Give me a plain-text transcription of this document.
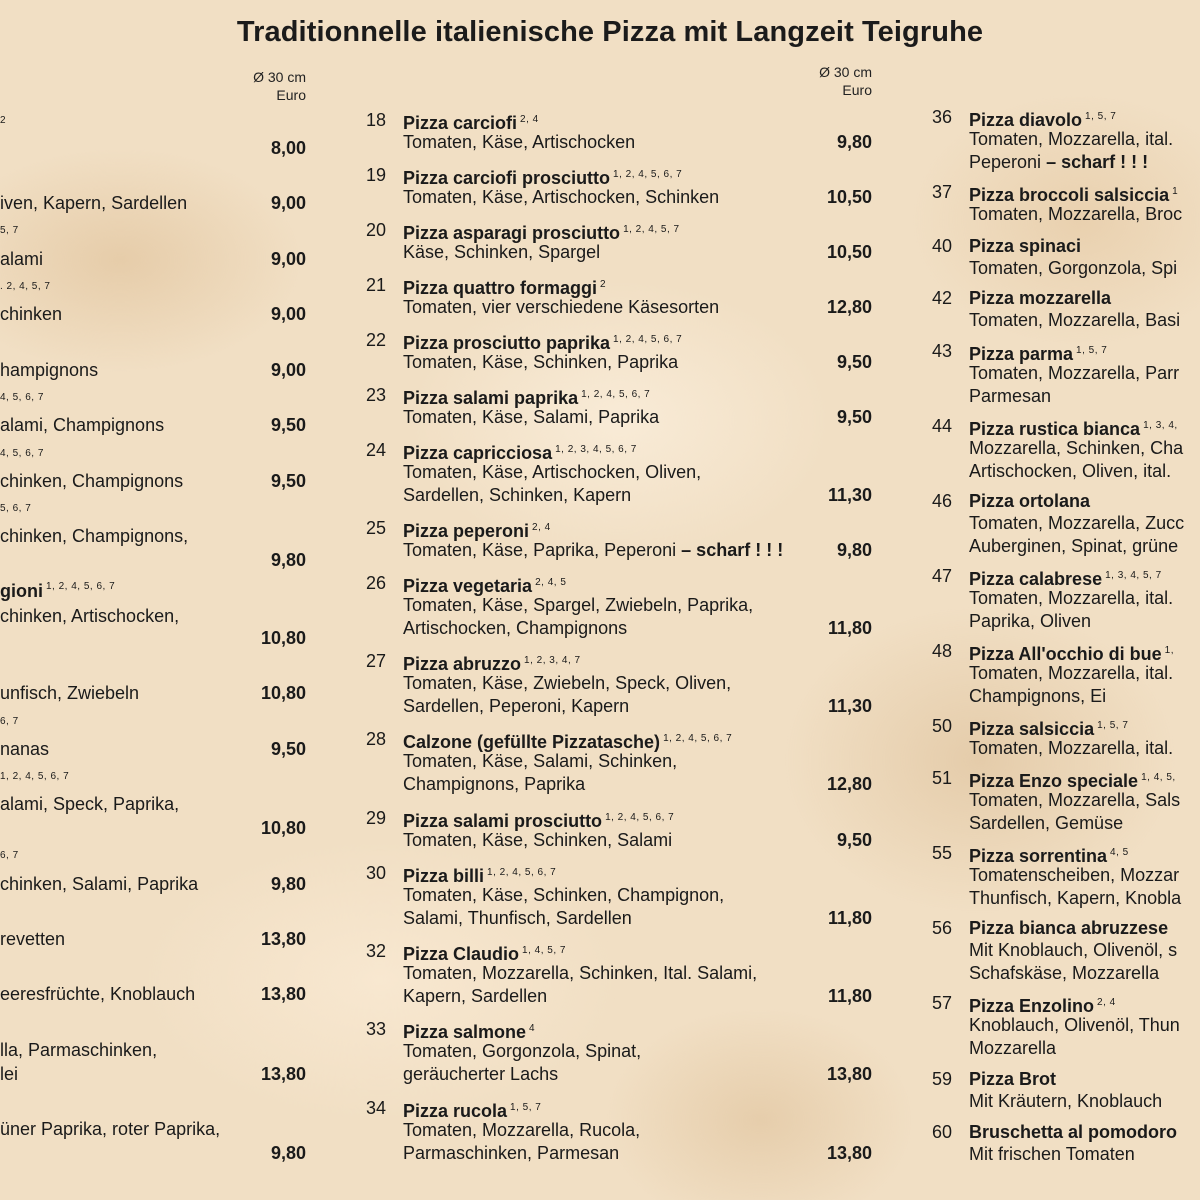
Traditionnelle italienische Pizza mit Langzeit Teigruhe
Ø 30 cm
Euro
Ø 30 cm
Euro
2
8,00
iven, Kapern, Sardellen	9,00
5, 7
alami	9,00
. 2, 4, 5, 7
chinken	9,00
hampignons	9,00
4, 5, 6, 7
alami, Champignons	9,50
4, 5, 6, 7
chinken, Champignons	9,50
5, 6, 7
chinken, Champignons,
9,80
gioni 1, 2, 4, 5, 6, 7
chinken, Artischocken,
10,80
unfisch, Zwiebeln	10,80
6, 7
nanas	9,50
1, 2, 4, 5, 6, 7
alami, Speck, Paprika,
10,80
6, 7
chinken, Salami, Paprika	9,80
revetten	13,80
eeresfrüchte, Knoblauch	13,80
lla, Parmaschinken,
lei	13,80
üner Paprika, roter Paprika,
9,80
18 Pizza carciofi $^{2, 4}$
Tomaten, Käse, Artischocken	9,80
19 Pizza carciofi prosciutto $^{1, 2, 4, 5, 6, 7}$
Tomaten, Käse, Artischocken, Schinken	10,50
20 Pizza asparagi prosciutto $^{1, 2, 4, 5, 7}$
Käse, Schinken, Spargel	10,50
21 Pizza quattro formaggi $^2$
Tomaten, vier verschiedene Käsesorten	12,80
22 Pizza prosciutto paprika $^{1, 2, 4, 5, 6, 7}$
Tomaten, Käse, Schinken, Paprika	9,50
23 Pizza salami paprika $^{1, 2, 4, 5, 6, 7}$
Tomaten, Käse, Salami, Paprika	9,50
24 Pizza capricciosa $^{1, 2, 3, 4, 5, 6, 7}$
Tomaten, Käse, Artischocken, Oliven,
Sardellen, Schinken, Kapern	11,30
25 Pizza peperoni $^{2, 4}$
Tomaten, Käse, Paprika, Peperoni – scharf ! ! !	9,80
26 Pizza vegetaria $^{2, 4, 5}$
Tomaten, Käse, Spargel, Zwiebeln, Paprika,
Artischocken, Champignons	11,80
27 Pizza abruzzo $^{1, 2, 3, 4, 7}$
Tomaten, Käse, Zwiebeln, Speck, Oliven,
Sardellen, Peperoni, Kapern	11,30
28 Calzone (gefüllte Pizzatasche) $^{1, 2, 4, 5, 6, 7}$
Tomaten, Käse, Salami, Schinken,
Champignons, Paprika	12,80
29 Pizza salami prosciutto $^{1, 2, 4, 5, 6, 7}$
Tomaten, Käse, Schinken, Salami	9,50
30 Pizza billi $^{1, 2, 4, 5, 6, 7}$
Tomaten, Käse, Schinken, Champignon,
Salami, Thunfisch, Sardellen	11,80
32 Pizza Claudio $^{1, 4, 5, 7}$
Tomaten, Mozzarella, Schinken, Ital. Salami,
Kapern, Sardellen	11,80
33 Pizza salmone $^4$
Tomaten, Gorgonzola, Spinat,
geräucherter Lachs	13,80
34 Pizza rucola $^{1, 5, 7}$
Tomaten, Mozzarella, Rucola,
Parmaschinken, Parmesan	13,80
36 Pizza diavolo $^{1, 5, 7}$
Tomaten, Mozzarella, ital.
Peperoni – scharf ! ! !
37 Pizza broccoli salsiccia $^1$
Tomaten, Mozzarella, Broc
40 Pizza spinaci
Tomaten, Gorgonzola, Spi
42 Pizza mozzarella
Tomaten, Mozzarella, Basi
43 Pizza parma $^{1, 5, 7}$
Tomaten, Mozzarella, Parr
Parmesan
44 Pizza rustica bianca $^{1, 3, 4,}$
Mozzarella, Schinken, Cha
Artischocken, Oliven, ital.
46 Pizza ortolana
Tomaten, Mozzarella, Zucc
Auberginen, Spinat, grüne
47 Pizza calabrese $^{1, 3, 4, 5, 7}$
Tomaten, Mozzarella, ital.
Paprika, Oliven
48 Pizza All'occhio di bue $^{1,}$
Tomaten, Mozzarella, ital.
Champignons, Ei
50 Pizza salsiccia $^{1, 5, 7}$
Tomaten, Mozzarella, ital.
51 Pizza Enzo speciale $^{1, 4, 5,}$
Tomaten, Mozzarella, Sals
Sardellen, Gemüse
55 Pizza sorrentina $^{4, 5}$
Tomatenscheiben, Mozzar
Thunfisch, Kapern, Knobla
56 Pizza bianca abruzzese
Mit Knoblauch, Olivenöl, s
Schafskäse, Mozzarella
57 Pizza Enzolino $^{2, 4}$
Knoblauch, Olivenöl, Thun
Mozzarella
59 Pizza Brot
Mit Kräutern, Knoblauch
60 Bruschetta al pomodoro
Mit frischen Tomaten
